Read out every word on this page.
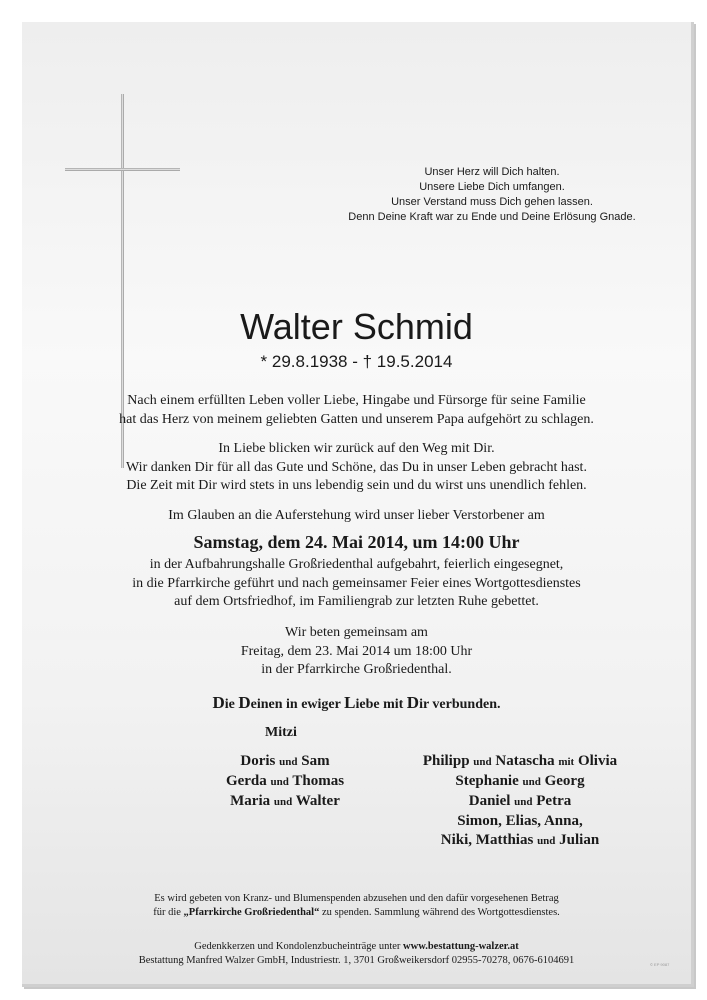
Unser Herz will Dich halten.
Unsere Liebe Dich umfangen.
Unser Verstand muss Dich gehen lassen.
Denn Deine Kraft war zu Ende und Deine Erlösung Gnade.
Walter Schmid
* 29.8.1938 - † 19.5.2014
Nach einem erfüllten Leben voller Liebe, Hingabe und Fürsorge für seine Familie
hat das Herz von meinem geliebten Gatten und unserem Papa aufgehört zu schlagen.
In Liebe blicken wir zurück auf den Weg mit Dir.
Wir danken Dir für all das Gute und Schöne, das Du in unser Leben gebracht hast.
Die Zeit mit Dir wird stets in uns lebendig sein und du wirst uns unendlich fehlen.
Im Glauben an die Auferstehung wird unser lieber Verstorbener am
Samstag, dem 24. Mai 2014, um 14:00 Uhr
in der Aufbahrungshalle Großriedenthal aufgebahrt, feierlich eingesegnet,
in die Pfarrkirche geführt und nach gemeinsamer Feier eines Wortgottesdienstes
auf dem Ortsfriedhof, im Familiengrab zur letzten Ruhe gebettet.
Wir beten gemeinsam am
Freitag, dem 23. Mai 2014 um 18:00 Uhr
in der Pfarrkirche Großriedenthal.
Die Deinen in ewiger Liebe mit Dir verbunden.
Mitzi
Doris und Sam
Gerda und Thomas
Maria und Walter
Philipp und Natascha mit Olivia
Stephanie und Georg
Daniel und Petra
Simon, Elias, Anna,
Niki, Matthias und Julian
Es wird gebeten von Kranz- und Blumenspenden abzusehen und den dafür vorgesehenen Betrag
für die „Pfarrkirche Großriedenthal“ zu spenden. Sammlung während des Wortgottesdienstes.
Gedenkkerzen und Kondolenzbucheinträge unter www.bestattung-walzer.at
Bestattung Manfred Walzer GmbH, Industriestr. 1, 3701 Großweikersdorf 02955-70278, 0676-6104691	© EP 9087
